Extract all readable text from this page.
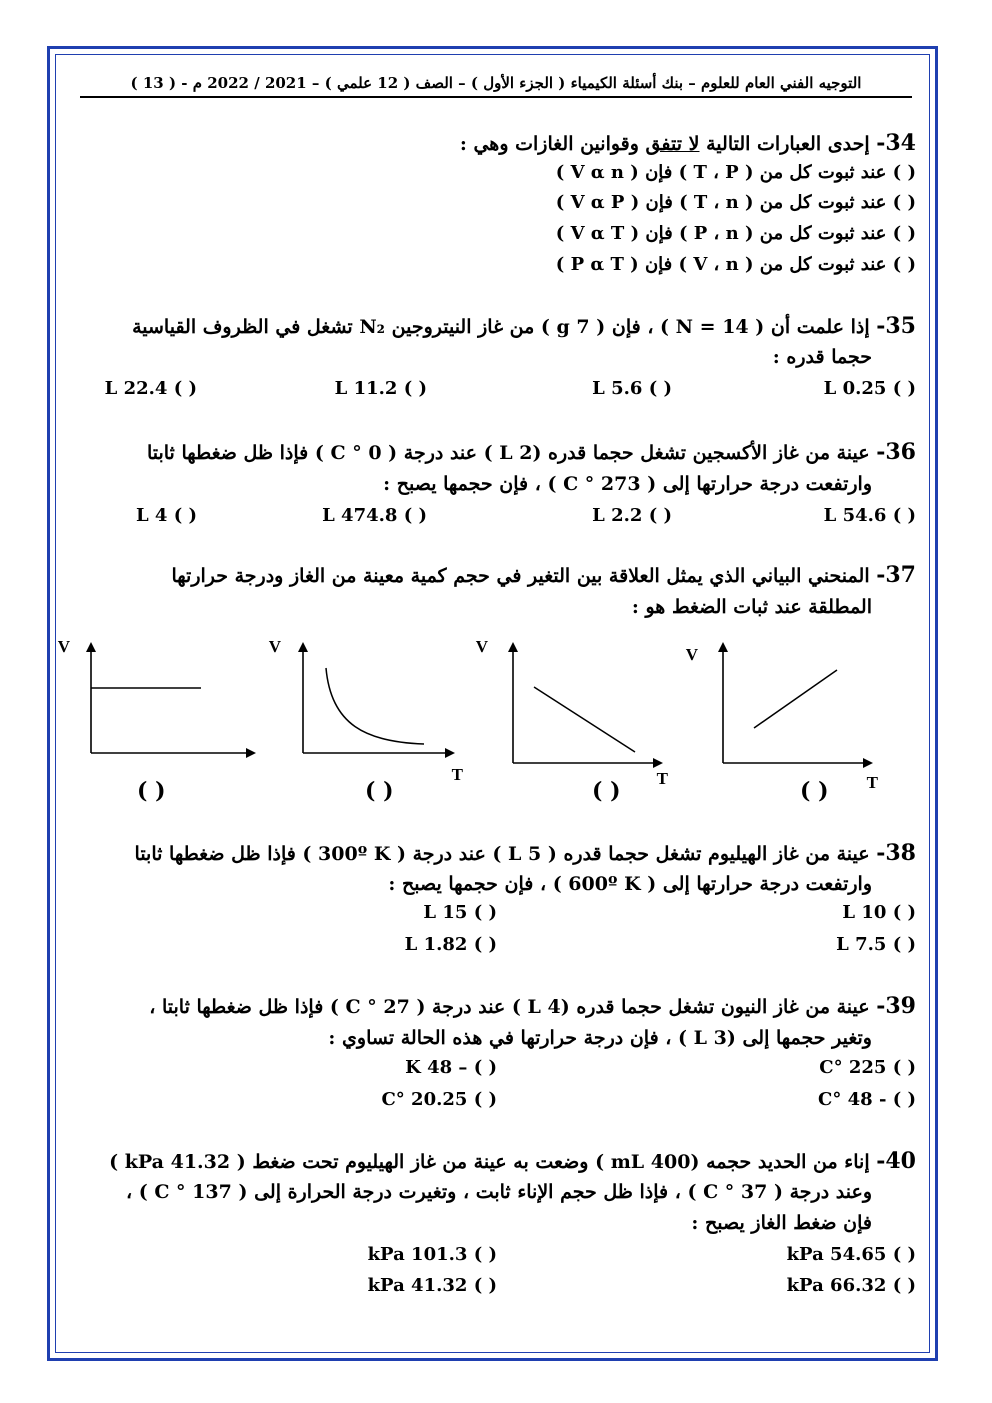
التوجيه الفني العام للعلوم – بنك أسئلة الكيمياء ( الجزء الأول ) – الصف ( 12 علمي ) – 2021 / 2022 م - ( 13 )
34- إحدى العبارات التالية لا تتفق وقوانين الغازات وهي :
( ) عند ثبوت كل من ( T ، P ) فإن ( V α n )
( ) عند ثبوت كل من ( T ، n ) فإن ( V α P )
( ) عند ثبوت كل من ( P ، n ) فإن ( V α T )
( ) عند ثبوت كل من ( V ، n ) فإن ( P α T )
35- إذا علمت أن ( N = 14 ) ، فإن ( 7 g ) من غاز النيتروجين N₂ تشغل في الظروف القياسية
حجما قدره :
( ) 0.25 L
( ) 5.6 L
( ) 11.2 L
( ) 22.4 L
36- عينة من غاز الأكسجين تشغل حجما قدره (2 L ) عند درجة ( 0 ° C ) فإذا ظل ضغطها ثابتا
وارتفعت درجة حرارتها إلى ( 273 ° C ) ، فإن حجمها يصبح :
( ) 54.6 L
( ) 2.2 L
( ) 474.8 L
( ) 4 L
37- المنحني البياني الذي يمثل العلاقة بين التغير في حجم كمية معينة من الغاز ودرجة حرارتها
المطلقة عند ثبات الضغط هو :
V
( )
V
T
( )
V
T
( )
V
T
( )
38- عينة من غاز الهيليوم تشغل حجما قدره ( 5 L ) عند درجة ( 300º K ) فإذا ظل ضغطها ثابتا
وارتفعت درجة حرارتها إلى ( 600º K ) ، فإن حجمها يصبح :
( ) 10 L
( ) 15 L
( ) 7.5 L
( ) 1.82 L
39- عينة من غاز النيون تشغل حجما قدره (4 L ) عند درجة ( 27 ° C ) فإذا ظل ضغطها ثابتا ،
وتغير حجمها إلى (3 L ) ، فإن درجة حرارتها في هذه الحالة تساوي :
( ) 225 °C
( ) – 48 K
( ) - 48 °C
( ) 20.25 °C
40- إناء من الحديد حجمه (400 mL ) وضعت به عينة من غاز الهيليوم تحت ضغط ( 41.32 kPa )
وعند درجة ( 37 ° C ) ، فإذا ظل حجم الإناء ثابت ، وتغيرت درجة الحرارة إلى ( 137 ° C ) ،
فإن ضغط الغاز يصبح :
( ) 54.65 kPa
( ) 101.3 kPa
( ) 66.32 kPa
( ) 41.32 kPa
